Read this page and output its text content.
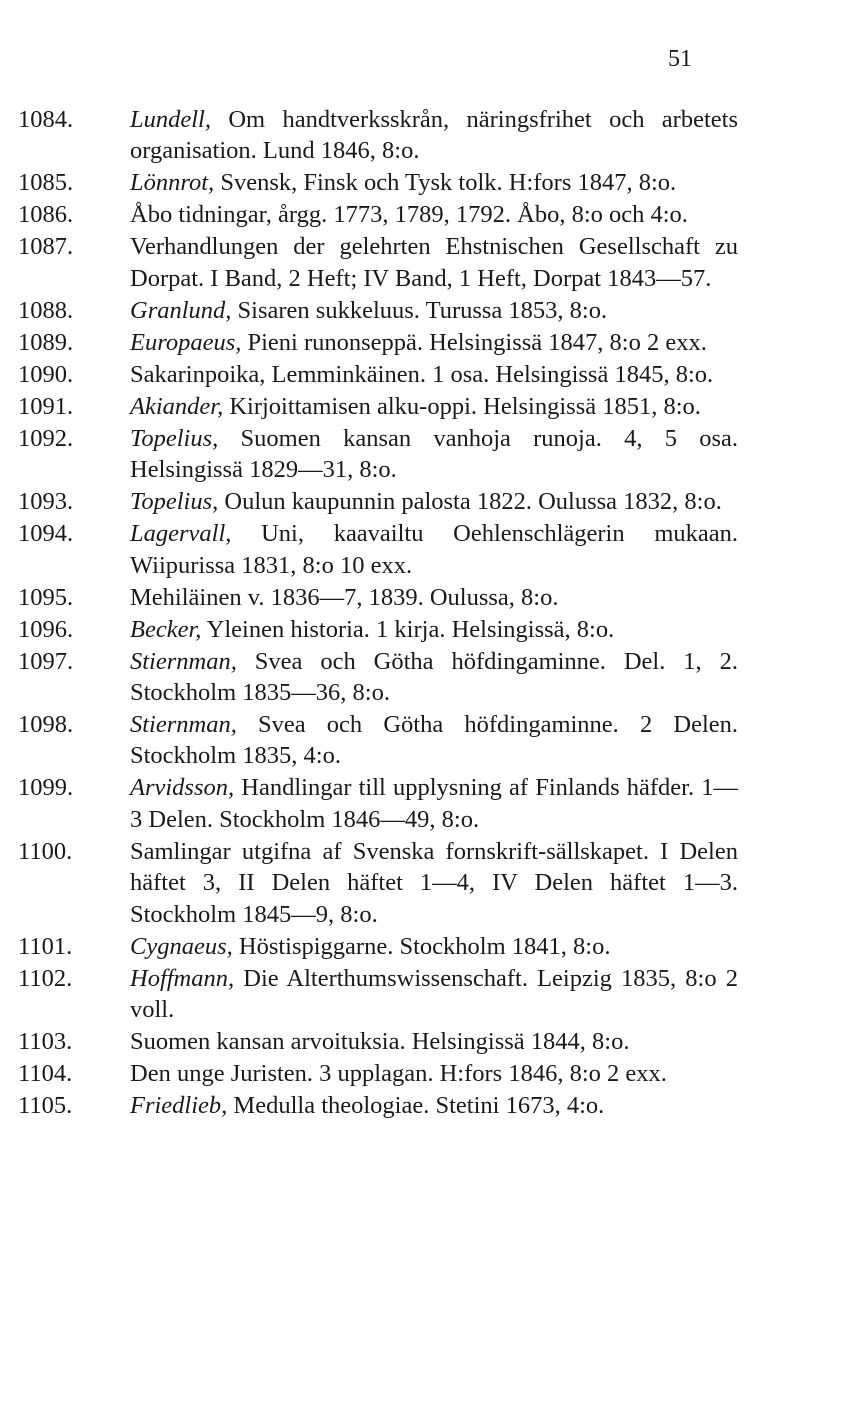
51
1084.	Lundell, Om handtverksskrån, näringsfrihet och arbetets organisation. Lund 1846, 8:o.
1085.	Lönnrot, Svensk, Finsk och Tysk tolk. H:fors 1847, 8:o.
1086.	Åbo tidningar, årgg. 1773, 1789, 1792. Åbo, 8:o och 4:o.
1087.	Verhandlungen der gelehrten Ehstnischen Gesellschaft zu Dorpat. I Band, 2 Heft; IV Band, 1 Heft, Dorpat 1843—57.
1088.	Granlund, Sisaren sukkeluus. Turussa 1853, 8:o.
1089.	Europaeus, Pieni runonseppä. Helsingissä 1847, 8:o 2 exx.
1090.	Sakarinpoika, Lemminkäinen. 1 osa. Helsingissä 1845, 8:o.
1091.	Akiander, Kirjoittamisen alku-oppi. Helsingissä 1851, 8:o.
1092.	Topelius, Suomen kansan vanhoja runoja. 4, 5 osa. Helsingissä 1829—31, 8:o.
1093.	Topelius, Oulun kaupunnin palosta 1822. Oulussa 1832, 8:o.
1094.	Lagervall, Uni, kaavailtu Oehlenschlägerin mukaan. Wiipurissa 1831, 8:o 10 exx.
1095.	Mehiläinen v. 1836—7, 1839. Oulussa, 8:o.
1096.	Becker, Yleinen historia. 1 kirja. Helsingissä, 8:o.
1097.	Stiernman, Svea och Götha höfdingaminne. Del. 1, 2. Stockholm 1835—36, 8:o.
1098.	Stiernman, Svea och Götha höfdingaminne. 2 Delen. Stockholm 1835, 4:o.
1099.	Arvidsson, Handlingar till upplysning af Finlands häfder. 1—3 Delen. Stockholm 1846—49, 8:o.
1100.	Samlingar utgifna af Svenska fornskrift-sällskapet. I Delen häftet 3, II Delen häftet 1—4, IV Delen häftet 1—3. Stockholm 1845—9, 8:o.
1101.	Cygnaeus, Höstispiggarne. Stockholm 1841, 8:o.
1102.	Hoffmann, Die Alterthumswissenschaft. Leipzig 1835, 8:o 2 voll.
1103.	Suomen kansan arvoituksia. Helsingissä 1844, 8:o.
1104.	Den unge Juristen. 3 upplagan. H:fors 1846, 8:o 2 exx.
1105.	Friedlieb, Medulla theologiae. Stetini 1673, 4:o.
